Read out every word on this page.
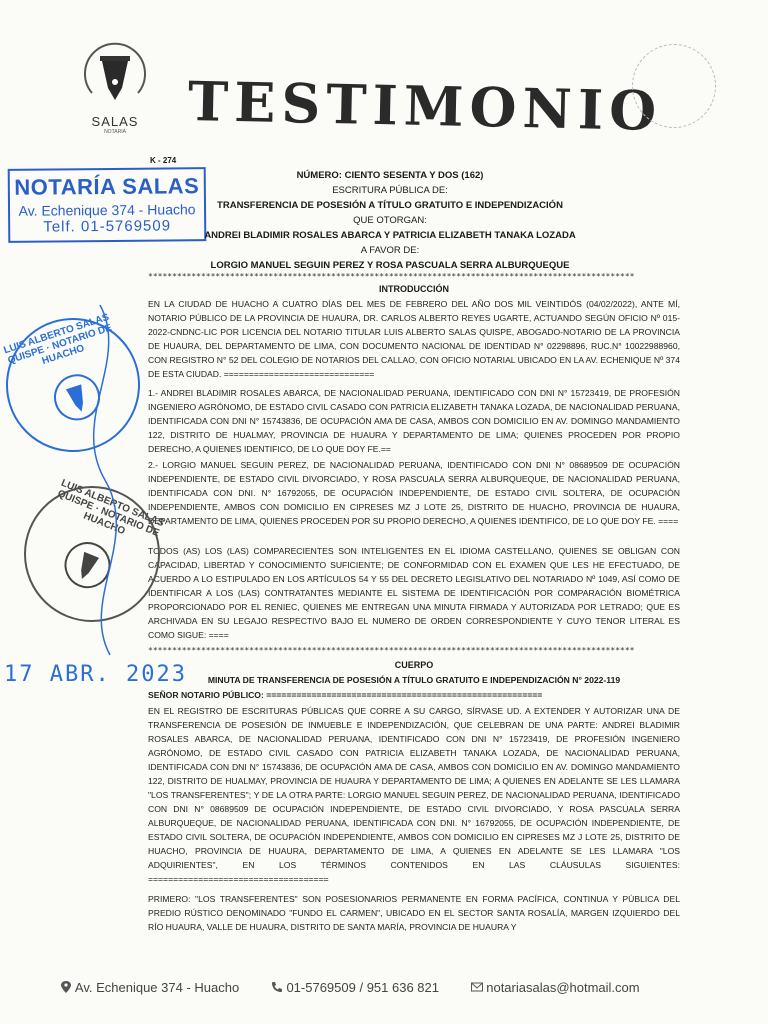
SALAS
NOTARIA	TESTIMONIO
K - 274
NOTARÍA SALAS
Av. Echenique 374 - Huacho
Telf. 01-5769509
NÚMERO: CIENTO SESENTA Y DOS (162)
ESCRITURA PÚBLICA DE:
TRANSFERENCIA DE POSESIÓN A TÍTULO GRATUITO E INDEPENDIZACIÓN
QUE OTORGAN:
ANDREI BLADIMIR ROSALES ABARCA Y PATRICIA ELIZABETH TANAKA LOZADA
A FAVOR DE:
LORGIO MANUEL SEGUIN PEREZ Y ROSA PASCUALA SERRA ALBURQUEQUE
*****************************************************************************************************
INTRODUCCIÓN
EN LA CIUDAD DE HUACHO A CUATRO DÍAS DEL MES DE FEBRERO DEL AÑO DOS MIL VEINTIDÓS (04/02/2022), ANTE MÍ, NOTARIO PÚBLICO DE LA PROVINCIA DE HUAURA, DR. CARLOS ALBERTO REYES UGARTE, ACTUANDO SEGÚN OFICIO Nº 015-2022-CNDNC-LIC POR LICENCIA DEL NOTARIO TITULAR LUIS ALBERTO SALAS QUISPE, ABOGADO-NOTARIO DE LA PROVINCIA DE HUAURA, DEL DEPARTAMENTO DE LIMA, CON DOCUMENTO NACIONAL DE IDENTIDAD N° 02298896, RUC.N° 10022988960, CON REGISTRO N° 52 DEL COLEGIO DE NOTARIOS DEL CALLAO, CON OFICIO NOTARIAL UBICADO EN LA AV. ECHENIQUE Nº 374 DE ESTA CIUDAD. ==============================
1.- ANDREI BLADIMIR ROSALES ABARCA, DE NACIONALIDAD PERUANA, IDENTIFICADO CON DNI N° 15723419, DE PROFESIÓN INGENIERO AGRÓNOMO, DE ESTADO CIVIL CASADO CON PATRICIA ELIZABETH TANAKA LOZADA, DE NACIONALIDAD PERUANA, IDENTIFICADA CON DNI N° 15743836, DE OCUPACIÓN AMA DE CASA, AMBOS CON DOMICILIO EN AV. DOMINGO MANDAMIENTO 122, DISTRITO DE HUALMAY, PROVINCIA DE HUAURA Y DEPARTAMENTO DE LIMA; QUIENES PROCEDEN POR PROPIO DERECHO, A QUIENES IDENTIFICO, DE LO QUE DOY FE.==
2.- LORGIO MANUEL SEGUIN PEREZ, DE NACIONALIDAD PERUANA, IDENTIFICADO CON DNI N° 08689509 DE OCUPACIÓN INDEPENDIENTE, DE ESTADO CIVIL DIVORCIADO, Y ROSA PASCUALA SERRA ALBURQUEQUE, DE NACIONALIDAD PERUANA, IDENTIFICADA CON DNI. N° 16792055, DE OCUPACIÓN INDEPENDIENTE, DE ESTADO CIVIL SOLTERA, DE OCUPACIÓN INDEPENDIENTE, AMBOS CON DOMICILIO EN CIPRESES MZ J LOTE 25, DISTRITO DE HUACHO, PROVINCIA DE HUAURA, DEPARTAMENTO DE LIMA, QUIENES PROCEDEN POR SU PROPIO DERECHO, A QUIENES IDENTIFICO, DE LO QUE DOY FE. ====
TODOS (AS) LOS (LAS) COMPARECIENTES SON INTELIGENTES EN EL IDIOMA CASTELLANO, QUIENES SE OBLIGAN CON CAPACIDAD, LIBERTAD Y CONOCIMIENTO SUFICIENTE; DE CONFORMIDAD CON EL EXAMEN QUE LES HE EFECTUADO, DE ACUERDO A LO ESTIPULADO EN LOS ARTÍCULOS 54 Y 55 DEL DECRETO LEGISLATIVO DEL NOTARIADO Nº 1049, ASÍ COMO DE IDENTIFICAR A LOS (LAS) CONTRATANTES MEDIANTE EL SISTEMA DE IDENTIFICACIÓN POR COMPARACIÓN BIOMÉTRICA PROPORCIONADO POR EL RENIEC, QUIENES ME ENTREGAN UNA MINUTA FIRMADA Y AUTORIZADA POR LETRADO; QUE ES ARCHIVADA EN SU LEGAJO RESPECTIVO BAJO EL NUMERO DE ORDEN CORRESPONDIENTE Y CUYO TENOR LITERAL ES COMO SIGUE: ====
*****************************************************************************************************
CUERPO
MINUTA DE TRANSFERENCIA DE POSESIÓN A TÍTULO GRATUITO E INDEPENDIZACIÓN N° 2022-119
SEÑOR NOTARIO PÚBLICO: =======================================================
EN EL REGISTRO DE ESCRITURAS PÚBLICAS QUE CORRE A SU CARGO, SÍRVASE UD. A EXTENDER Y AUTORIZAR UNA DE TRANSFERENCIA DE POSESIÓN DE INMUEBLE E INDEPENDIZACIÓN, QUE CELEBRAN DE UNA PARTE: ANDREI BLADIMIR ROSALES ABARCA, DE NACIONALIDAD PERUANA, IDENTIFICADO CON DNI N° 15723419, DE PROFESIÓN INGENIERO AGRÓNOMO, DE ESTADO CIVIL CASADO CON PATRICIA ELIZABETH TANAKA LOZADA, DE NACIONALIDAD PERUANA, IDENTIFICADA CON DNI N° 15743836, DE OCUPACIÓN AMA DE CASA, AMBOS CON DOMICILIO EN AV. DOMINGO MANDAMIENTO 122, DISTRITO DE HUALMAY, PROVINCIA DE HUAURA Y DEPARTAMENTO DE LIMA; A QUIENES EN ADELANTE SE LES LLAMARA "LOS TRANSFERENTES"; Y DE LA OTRA PARTE: LORGIO MANUEL SEGUIN PEREZ, DE NACIONALIDAD PERUANA, IDENTIFICADO CON DNI N° 08689509 DE OCUPACIÓN INDEPENDIENTE, DE ESTADO CIVIL DIVORCIADO, Y ROSA PASCUALA SERRA ALBURQUEQUE, DE NACIONALIDAD PERUANA, IDENTIFICADA CON DNI. N° 16792055, DE OCUPACIÓN INDEPENDIENTE, DE ESTADO CIVIL SOLTERA, DE OCUPACIÓN INDEPENDIENTE, AMBOS CON DOMICILIO EN CIPRESES MZ J LOTE 25, DISTRITO DE HUACHO, PROVINCIA DE HUAURA, DEPARTAMENTO DE LIMA, A QUIENES EN ADELANTE SE LES LLAMARA "LOS ADQUIRIENTES", EN LOS TÉRMINOS CONTENIDOS EN LAS CLÁUSULAS SIGUIENTES: ====================================
PRIMERO: "LOS TRANSFERENTES" SON POSESIONARIOS PERMANENTE EN FORMA PACÍFICA, CONTINUA Y PÚBLICA DEL PREDIO RÚSTICO DENOMINADO "FUNDO EL CARMEN", UBICADO EN EL SECTOR SANTA ROSALÍA, MARGEN IZQUIERDO DEL RÍO HUAURA, VALLE DE HUAURA, DISTRITO DE SANTA MARÍA, PROVINCIA DE HUAURA Y
LUIS ALBERTO SALAS QUISPE · NOTARIO DE HUACHO
LUIS ALBERTO SALAS QUISPE · NOTARIO DE HUACHO
17 ABR. 2023
Av. Echenique 374 - Huacho	01-5769509 / 951 636 821	notariasalas@hotmail.com
